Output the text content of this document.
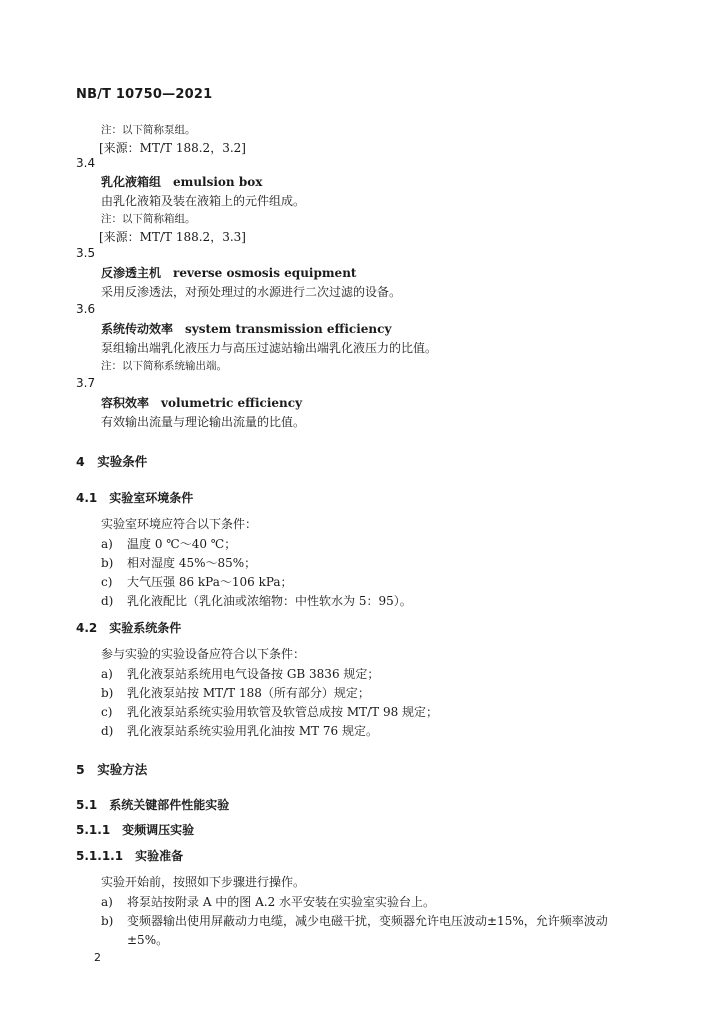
NB/T 10750—2021
注：以下简称泵组。
[来源：MT/T 188.2，3.2]
3.4
乳化液箱组　emulsion box
由乳化液箱及装在液箱上的元件组成。
注：以下简称箱组。
[来源：MT/T 188.2，3.3]
3.5
反渗透主机　reverse osmosis equipment
采用反渗透法，对预处理过的水源进行二次过滤的设备。
3.6
系统传动效率　system transmission efficiency
泵组输出端乳化液压力与高压过滤站输出端乳化液压力的比值。
注：以下简称系统输出端。
3.7
容积效率　volumetric efficiency
有效输出流量与理论输出流量的比值。
4　实验条件
4.1　实验室环境条件
实验室环境应符合以下条件：
a) 温度 0 ℃～40 ℃；
b) 相对湿度 45%～85%；
c) 大气压强 86 kPa～106 kPa；
d) 乳化液配比（乳化油或浓缩物：中性软水为 5：95）。
4.2　实验系统条件
参与实验的实验设备应符合以下条件：
a) 乳化液泵站系统用电气设备按 GB 3836 规定；
b) 乳化液泵站按 MT/T 188（所有部分）规定；
c) 乳化液泵站系统实验用软管及软管总成按 MT/T 98 规定；
d) 乳化液泵站系统实验用乳化油按 MT 76 规定。
5　实验方法
5.1　系统关键部件性能实验
5.1.1　变频调压实验
5.1.1.1　实验准备
实验开始前，按照如下步骤进行操作。
a) 将泵站按附录 A 中的图 A.2 水平安装在实验室实验台上。
b) 变频器输出使用屏蔽动力电缆，减少电磁干扰，变频器允许电压波动±15%，允许频率波动
±5%。
2
